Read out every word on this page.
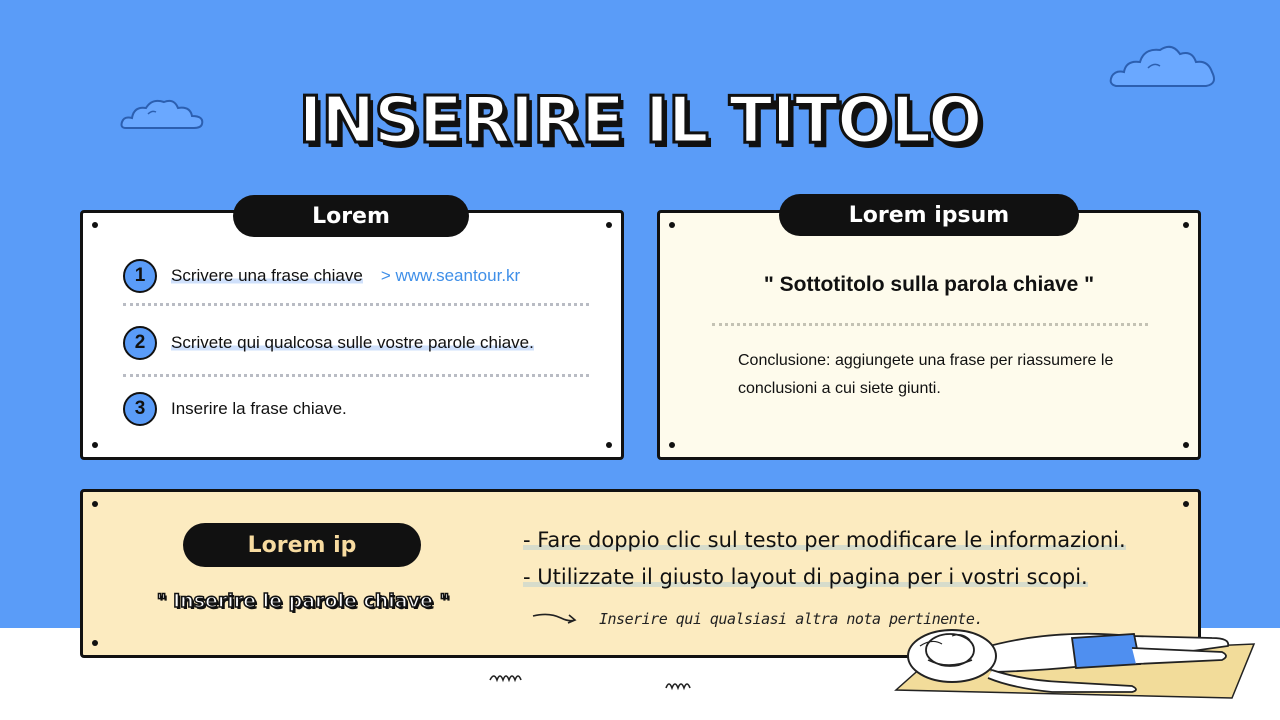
INSERIRE IL TITOLO
1	Scrivere una frase chiave > www.seantour.kr
2	Scrivete qui qualcosa sulle vostre parole chiave.
3	Inserire la frase chiave.
Lorem
" Sottotitolo sulla parola chiave "
Conclusione: aggiungete una frase per riassumere le conclusioni a cui siete giunti.
Lorem ipsum
Lorem ip
" Inserire le parole chiave "
- Fare doppio clic sul testo per modificare le informazioni.
- Utilizzate il giusto layout di pagina per i vostri scopi.
Inserire qui qualsiasi altra nota pertinente.
